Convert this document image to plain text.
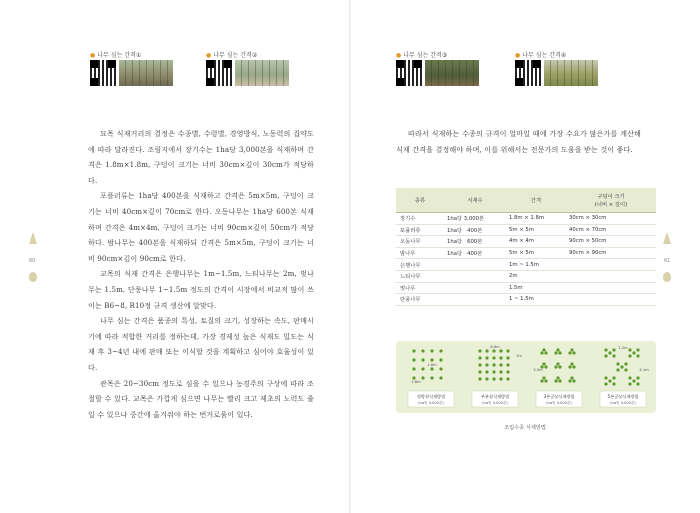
● 나무 심는 간격①	● 나무 심는 간격②

묘목 식재거리의 결정은 수종별, 수령별, 경영방식, 노동력의 집약도에 따라 달라진다. 조림지에서 장기수는 1ha당 3,000본을 식재하며 간격은 1.8m×1.8m, 구덩이 크기는 너비 30cm×깊이 30cm가 적당하다.

포플러류는 1ha당 400본을 식재하고 간격은 5m×5m, 구덩이 크기는 너비 40cm×깊이 70cm로 한다. 오동나무는 1ha당 600본 식재하며 간격은 4m×4m, 구덩이 크기는 너비 90cm×깊이 50cm가 적당하다. 밤나무는 400본을 식재하되 간격은 5m×5m, 구덩이 크기는 너비 90cm×깊이 90cm로 한다.

교목의 식재 간격은 은행나무는 1m~1.5m, 느티나무는 2m, 벚나무는 1.5m, 단풍나무 1~1.5m 정도의 간격이 시장에서 비교적 많이 쓰이는 B6~8, R10정 규격 생산에 알맞다.

나무 심는 간격은 품종의 특성, 토질의 크기, 성장하는 속도, 판매시기에 따라 적합한 거리를 정하는데, 가장 경제성 높은 식재도 밀도는 식재 후 3~4년 내에 판매 또는 이식할 것을 계획하고 심어야 효율성이 있다.

관목은 20~30cm 정도로 심을 수 있으나 농경주의 구상에 따라 조절할 수 있다. 교목은 가깝게 심으면 나무는 빨리 크고 제초의 노력도 줄일 수 있으나 중간에 옮겨줘야 하는 번거로움이 있다.

60
● 나무 심는 간격③	● 나무 심는 간격④

따라서 식재하는 수종의 규격이 얼마일 때에 가장 수요가 많은가를 계산해 식재 간격을 결정해야 하며, 이를 위해서는 전문가의 도움을 받는 것이 좋다.

종류	식재수	간격	구덩이 크기
(너비 × 깊이)
장기수	1ha당 3,000본	1.8m × 1.8m	30cm × 30cm
포플러류	1ha당   400본	5m × 5m	40cm × 70cm
오동나무	1ha당   600본	4m × 4m	90cm × 50cm
밤나무	1ha당   400본	5m × 5m	90cm × 90cm
은행나무		1m ~ 1.5m	
느티나무		2m	
벚나무		1.5m	
단풍나무		1 ~ 1.5m	
1.8m
1.8m
정방형식재방법
(ha당 3,000본)
6.6m
1m
부분형식재방법
(ha당 3,000본)
3.3m
3본군상식재방법
(ha당 3,000본)
1.2m
4.1m
5본군상식재방법
(ha당 3,000본)
조림수종 식재방법
61
